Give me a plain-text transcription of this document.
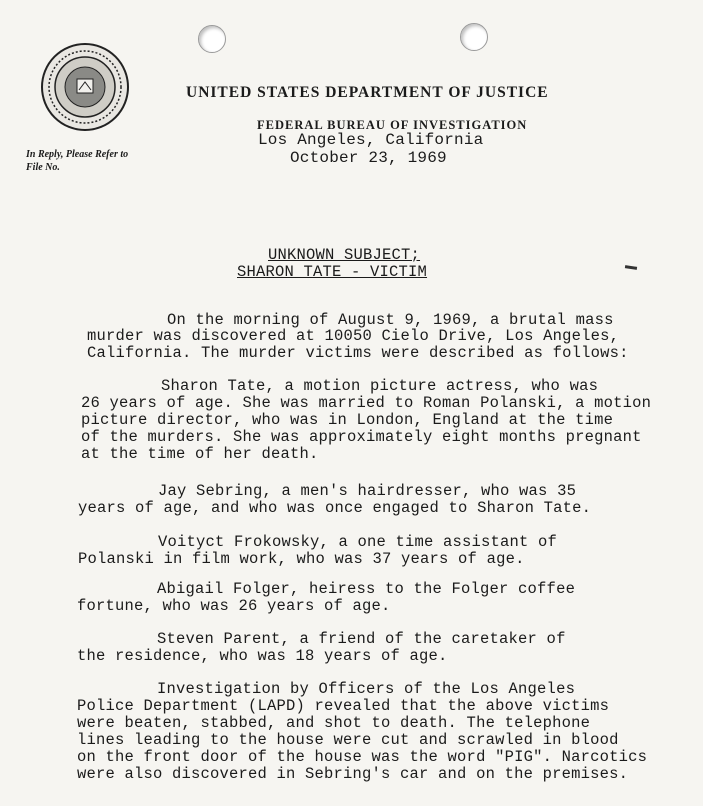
UNITED STATES DEPARTMENT OF JUSTICE
FEDERAL BUREAU OF INVESTIGATION
Los Angeles, California
October 23, 1969
In Reply, Please Refer to
File No.
UNKNOWN SUBJECT;
SHARON TATE - VICTIM
On the morning of August 9, 1969, a brutal mass
murder was discovered at 10050 Cielo Drive, Los Angeles,
California. The murder victims were described as follows:
Sharon Tate, a motion picture actress, who was
26 years of age. She was married to Roman Polanski, a motion
picture director, who was in London, England at the time
of the murders. She was approximately eight months pregnant
at the time of her death.
Jay Sebring, a men's hairdresser, who was 35
years of age, and who was once engaged to Sharon Tate.
Voityct Frokowsky, a one time assistant of
Polanski in film work, who was 37 years of age.
Abigail Folger, heiress to the Folger coffee
fortune, who was 26 years of age.
Steven Parent, a friend of the caretaker of
the residence, who was 18 years of age.
Investigation by Officers of the Los Angeles
Police Department (LAPD) revealed that the above victims
were beaten, stabbed, and shot to death. The telephone
lines leading to the house were cut and scrawled in blood
on the front door of the house was the word "PIG". Narcotics
were also discovered in Sebring's car and on the premises.
